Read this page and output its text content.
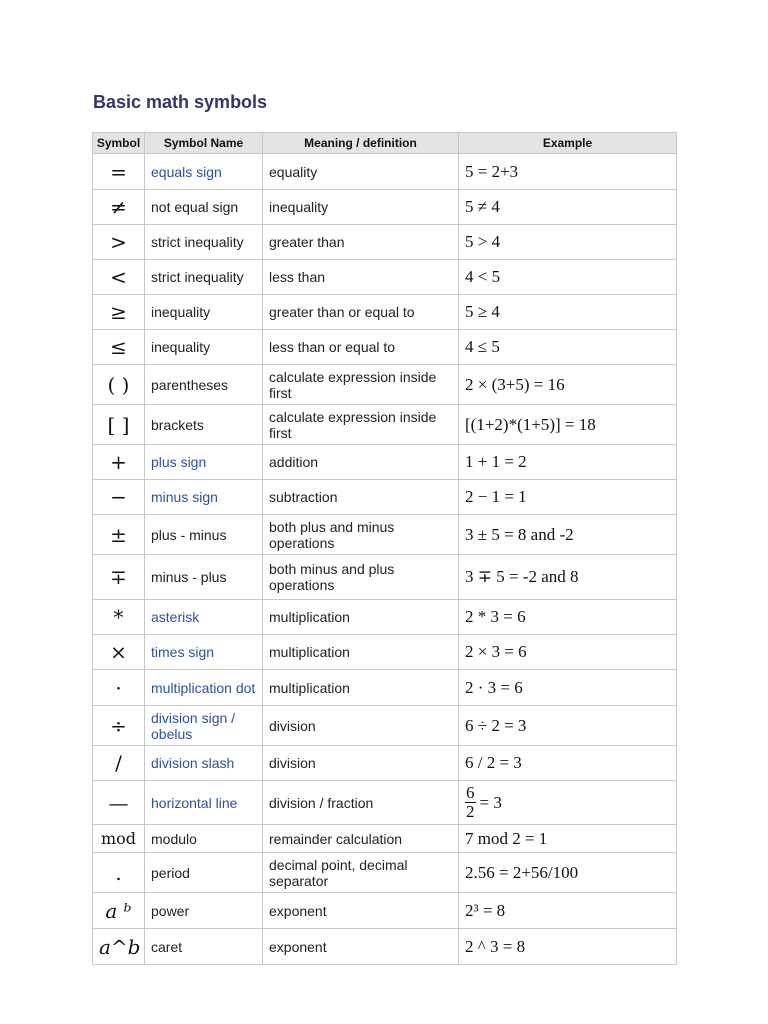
Basic math symbols
Symbol	Symbol Name	Meaning / definition	Example
=	equals sign	equality	5 = 2+3
≠	not equal sign	inequality	5 ≠ 4
>	strict inequality	greater than	5 > 4
<	strict inequality	less than	4 < 5
≥	inequality	greater than or equal to	5 ≥ 4
≤	inequality	less than or equal to	4 ≤ 5
( )	parentheses	calculate expression inside first	2 × (3+5) = 16
[ ]	brackets	calculate expression inside first	[(1+2)*(1+5)] = 18
+	plus sign	addition	1 + 1 = 2
−	minus sign	subtraction	2 − 1 = 1
±	plus - minus	both plus and minus operations	3 ± 5 = 8 and -2
∓	minus - plus	both minus and plus operations	3 ∓ 5 = -2 and 8
*	asterisk	multiplication	2 * 3 = 6
×	times sign	multiplication	2 × 3 = 6
·	multiplication dot	multiplication	2 · 3 = 6
÷	division sign / obelus	division	6 ÷ 2 = 3
/	division slash	division	6 / 2 = 3
—	horizontal line	division / fraction	$\frac{6}{2} = 3$
mod	modulo	remainder calculation	7 mod 2 = 1
.	period	decimal point, decimal separator	2.56 = 2+56/100
a ᵇ	power	exponent	2³ = 8
a^b	caret	exponent	2 ^ 3 = 8
